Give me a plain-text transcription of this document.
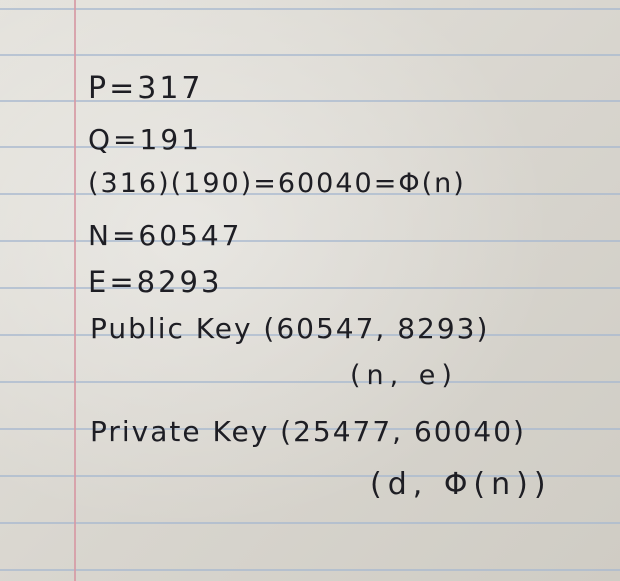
P=317

Q=191

(316)(190)=60040=Φ(n)

N=60547

E=8293

Public Key (60547, 8293)

(n, e)

Private Key (25477, 60040)

(d, Φ(n))
